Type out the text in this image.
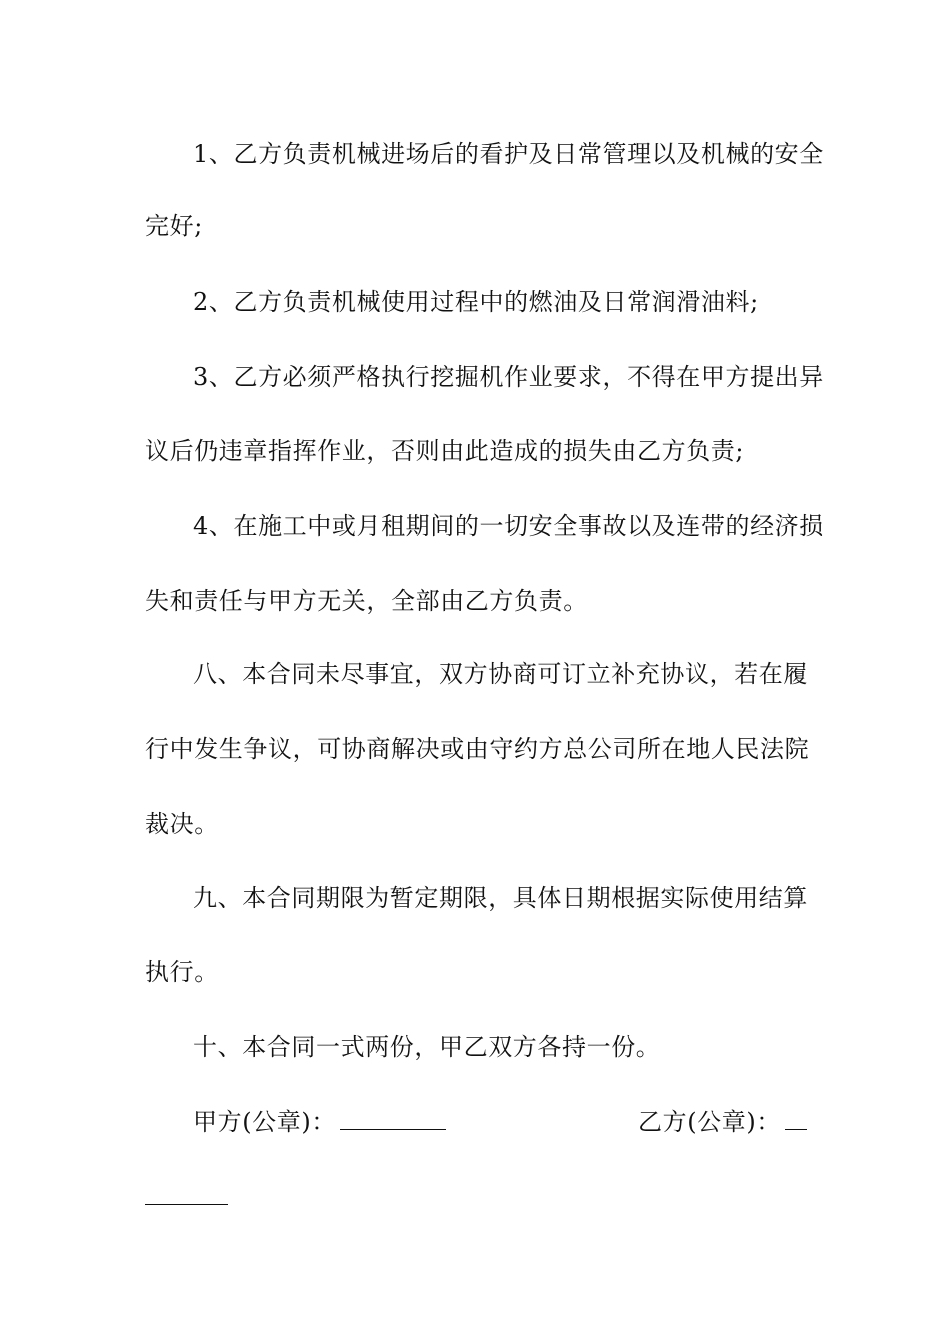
1、乙方负责机械进场后的看护及日常管理以及机械的安全
完好;
2、乙方负责机械使用过程中的燃油及日常润滑油料;
3、乙方必须严格执行挖掘机作业要求，不得在甲方提出异
议后仍违章指挥作业，否则由此造成的损失由乙方负责;
4、在施工中或月租期间的一切安全事故以及连带的经济损
失和责任与甲方无关，全部由乙方负责。
八、本合同未尽事宜，双方协商可订立补充协议，若在履
行中发生争议，可协商解决或由守约方总公司所在地人民法院
裁决。
九、本合同期限为暂定期限，具体日期根据实际使用结算
执行。
十、本合同一式两份，甲乙双方各持一份。
甲方(公章)：	乙方(公章)：
